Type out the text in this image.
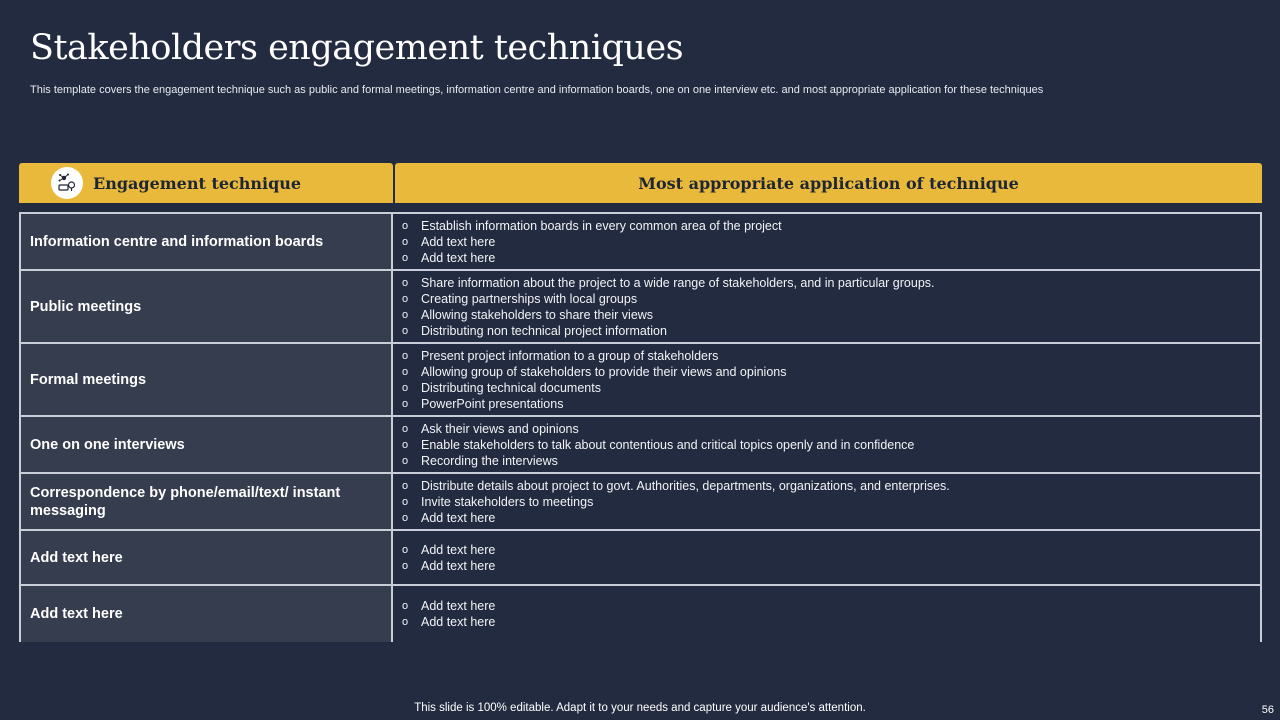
Stakeholders engagement techniques

This template covers the engagement technique such as public and formal meetings, information centre and information boards, one on one interview etc. and most appropriate application for these techniques

Engagement technique	Most appropriate application of technique
Information centre and information boards
o	Establish information boards in every common area of the project
o	Add text here
o	Add text here
Public meetings
o	Share information about the project to a wide range of stakeholders, and in particular groups.
o	Creating partnerships with local groups
o	Allowing stakeholders to share their views
o	Distributing non technical project information
Formal meetings
o	Present project information to a group of stakeholders
o	Allowing group of stakeholders to provide their views and opinions
o	Distributing technical documents
o	PowerPoint presentations
One on one interviews
o	Ask their views and opinions
o	Enable stakeholders to talk about contentious and critical topics openly and in confidence
o	Recording the interviews
Correspondence by phone/email/text/ instant messaging
o	Distribute details about project to govt. Authorities, departments, organizations, and enterprises.
o	Invite stakeholders to meetings
o	Add text here
Add text here	o	Add text here
o	Add text here
Add text here	o	Add text here
o	Add text here
This slide is 100% editable. Adapt it to your needs and capture your audience's attention.	56
